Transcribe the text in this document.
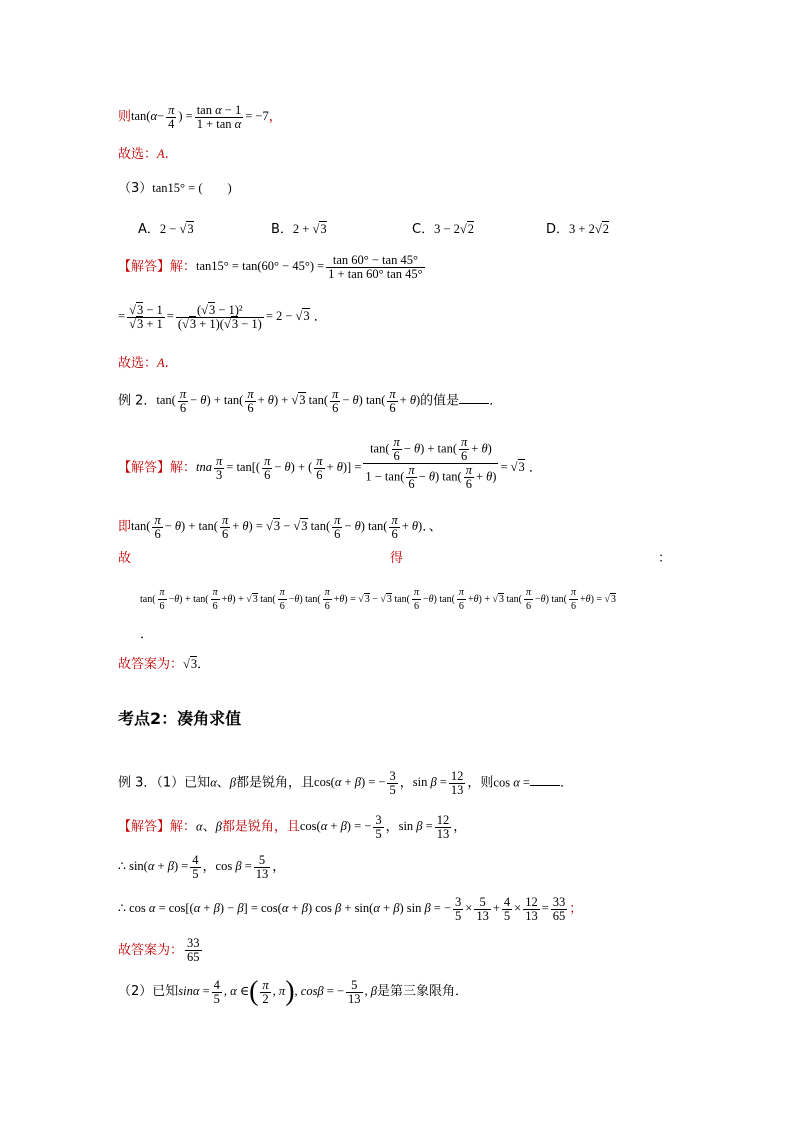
则$\tan(\alpha- \frac{\pi}{4}$ ) = $\frac{\text{tan α − 1}}{\text{1 + tan α}} = -7$，
故选：A.
（3）tan15° = (　　)
A．2 − √3	B．2 + √3	C．3 − 2√2	D．3 + 2√2
【解答】解：$\tan 15^\circ = \tan(60^\circ - 45^\circ) = \frac{\tan 60^\circ - \tan 45^\circ}{1 + \tan 60^\circ \tan 45^\circ}$
= $\frac{√3 - 1}{√3 + 1} = \frac{\text{(√3 − 1)²}}{(√3 + 1)(√3 - 1)} = 2 - √3$ ．
故选：A.
例 2．$\tan( \frac{\pi}{6} - \theta) + \tan( \frac{\pi}{6} + \theta) + √3$ $\tan( \frac{\pi}{6} - \theta)$ $\tan( \frac{\pi}{6} + \theta)$的值是 ．
【解答】解：tna $\frac{\pi}{3} = \tan[( \frac{\pi}{6} - \theta)$ + ( $\frac{\pi}{6} + \theta)] = \frac{\tan( \frac{\pi}{6} - \theta) + \tan( \frac{\pi}{6} + \theta)}{1 - \tan( \frac{\pi}{6} - \theta) \tan( \frac{\pi}{6} + \theta)} = √3$ ．
即$\tan( \frac{\pi}{6} - \theta) + \tan( \frac{\pi}{6} + \theta) = √3 - √3$ $\tan( \frac{\pi}{6} - \theta)$ $\tan( \frac{\pi}{6} + \theta)$．、
故	得	：
$\tan( \frac{\pi}{6} -\theta) + \tan( \frac{\pi}{6} +\theta) + √3$ $\tan( \frac{\pi}{6} -\theta)$ $\tan( \frac{\pi}{6} +\theta) = √3 - √3$ $\tan( \frac{\pi}{6} -\theta)$ $\tan( \frac{\pi}{6} +\theta) + √3$ $\tan( \frac{\pi}{6} -\theta)$ $\tan( \frac{\pi}{6} +\theta) = √3$
．
故答案为：√3．
考点2：凑角求值
例 3．（1）已知α、β都是锐角，且cos(α + β) = − $\frac{3}{5}$ ，$\sin \beta = \frac{12}{13}$ ，则cos α = ．
【解答】解：α、β都是锐角，且cos(α + β) = − $\frac{3}{5}$ ，$\sin \beta = \frac{12}{13}$ ，
∴ $\sin(\alpha + \beta) = \frac{4}{5}$ ，$\cos \beta = \frac{5}{13}$ ，
∴ cos α = cos[(α + β) − β] = cos(α + β) cos β + sin(α + β) sin β = − $\frac{3}{5} \times \frac{5}{13} + \frac{4}{5} \times \frac{12}{13} = \frac{33}{65}$ ；
故答案为： $\frac{33}{65}$
（2）已知$\sin\alpha = \frac{4}{5}$ , α ∈( $\frac{\pi}{2}$ , π), cosβ = − $\frac{5}{13}$ , β是第三象限角．
